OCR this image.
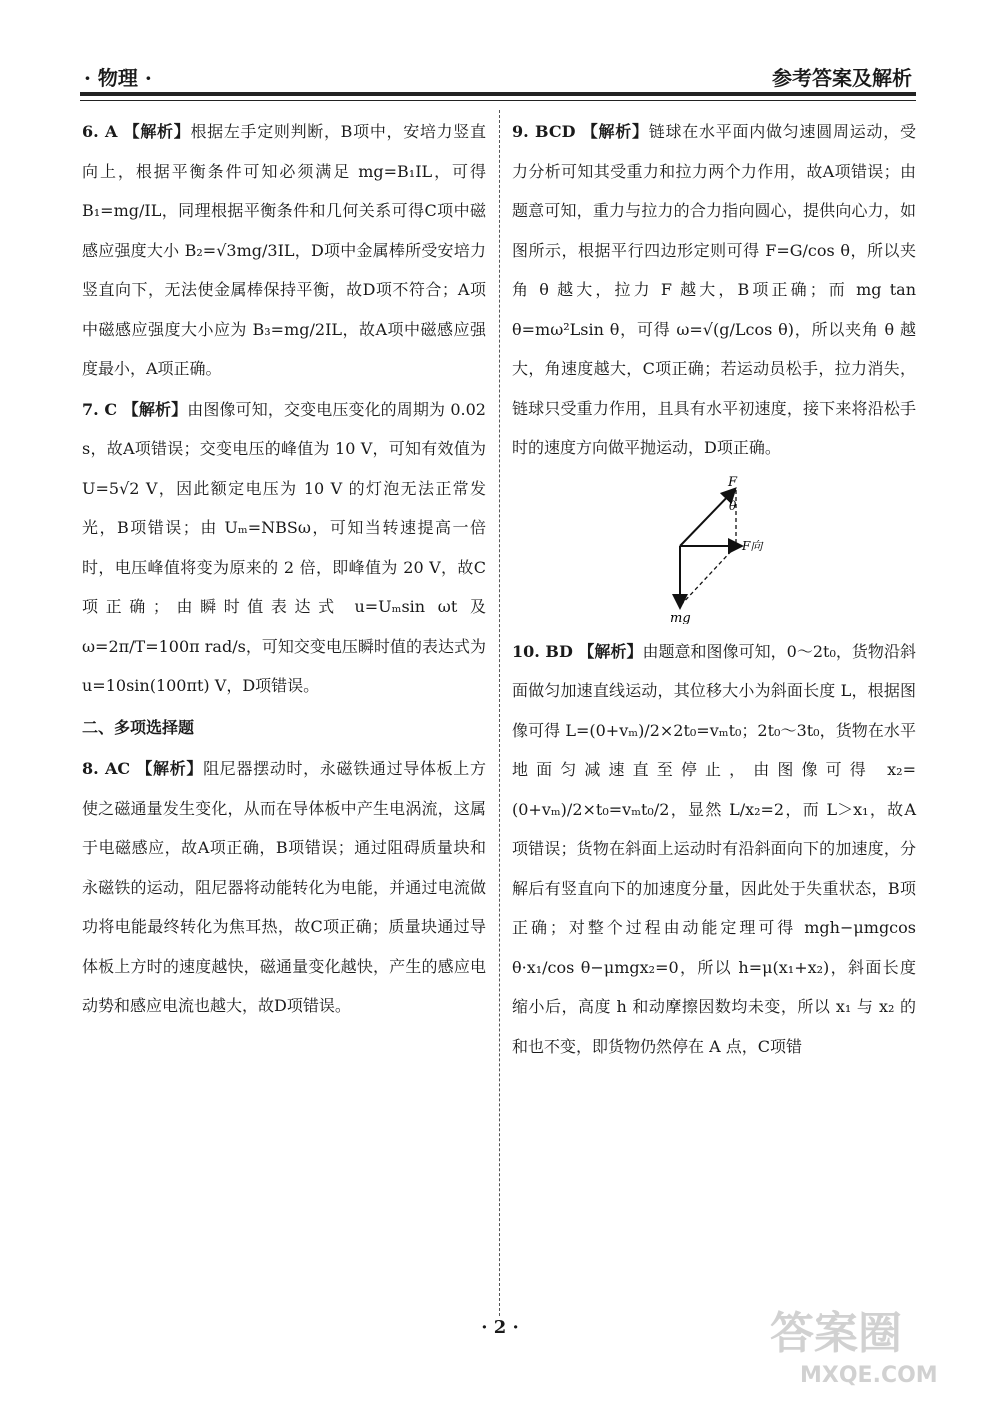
· 物理 ·	参考答案及解析

6. A 【解析】根据左手定则判断，B项中，安培力竖直向上，根据平衡条件可知必须满足 mg=B₁IL，可得 B₁=mg/IL，同理根据平衡条件和几何关系可得C项中磁感应强度大小 B₂=√3mg/3IL，D项中金属棒所受安培力竖直向下，无法使金属棒保持平衡，故D项不符合；A项中磁感应强度大小应为 B₃=mg/2IL，故A项中磁感应强度最小，A项正确。

7. C 【解析】由图像可知，交变电压变化的周期为 0.02 s，故A项错误；交变电压的峰值为 10 V，可知有效值为 U=5√2 V，因此额定电压为 10 V 的灯泡无法正常发光，B项错误；由 Uₘ=NBSω，可知当转速提高一倍时，电压峰值将变为原来的 2 倍，即峰值为 20 V，故C项正确；由瞬时值表达式 u=Uₘsin ωt 及 ω=2π/T=100π rad/s，可知交变电压瞬时值的表达式为 u=10sin(100πt) V，D项错误。

二、多项选择题

8. AC 【解析】阻尼器摆动时，永磁铁通过导体板上方使之磁通量发生变化，从而在导体板中产生电涡流，这属于电磁感应，故A项正确，B项错误；通过阻碍质量块和永磁铁的运动，阻尼器将动能转化为电能，并通过电流做功将电能最终转化为焦耳热，故C项正确；质量块通过导体板上方时的速度越快，磁通量变化越快，产生的感应电动势和感应电流也越大，故D项错误。

9. BCD 【解析】链球在水平面内做匀速圆周运动，受力分析可知其受重力和拉力两个力作用，故A项错误；由题意可知，重力与拉力的合力指向圆心，提供向心力，如图所示，根据平行四边形定则可得 F=G/cos θ，所以夹角 θ 越大，拉力 F 越大，B项正确；而 mg tan θ=mω²Lsin θ，可得 ω=√(g/Lcos θ)，所以夹角 θ 越大，角速度越大，C项正确；若运动员松手，拉力消失，链球只受重力作用，且具有水平初速度，接下来将沿松手时的速度方向做平抛运动，D项正确。

F
θ
F向
mg

10. BD 【解析】由题意和图像可知，0～2t₀，货物沿斜面做匀加速直线运动，其位移大小为斜面长度 L，根据图像可得 L=(0+vₘ)/2×2t₀=vₘt₀；2t₀～3t₀，货物在水平地面匀减速直至停止，由图像可得 x₂=(0+vₘ)/2×t₀=vₘt₀/2，显然 L/x₂=2，而 L＞x₁，故A项错误；货物在斜面上运动时有沿斜面向下的加速度，分解后有竖直向下的加速度分量，因此处于失重状态，B项正确；对整个过程由动能定理可得 mgh−μmgcos θ·x₁/cos θ−μmgx₂=0，所以 h=μ(x₁+x₂)，斜面长度缩小后，高度 h 和动摩擦因数均未变，所以 x₁ 与 x₂ 的和也不变，即货物仍然停在 A 点，C项错

· 2 ·	答案圈
MXQE.COM
